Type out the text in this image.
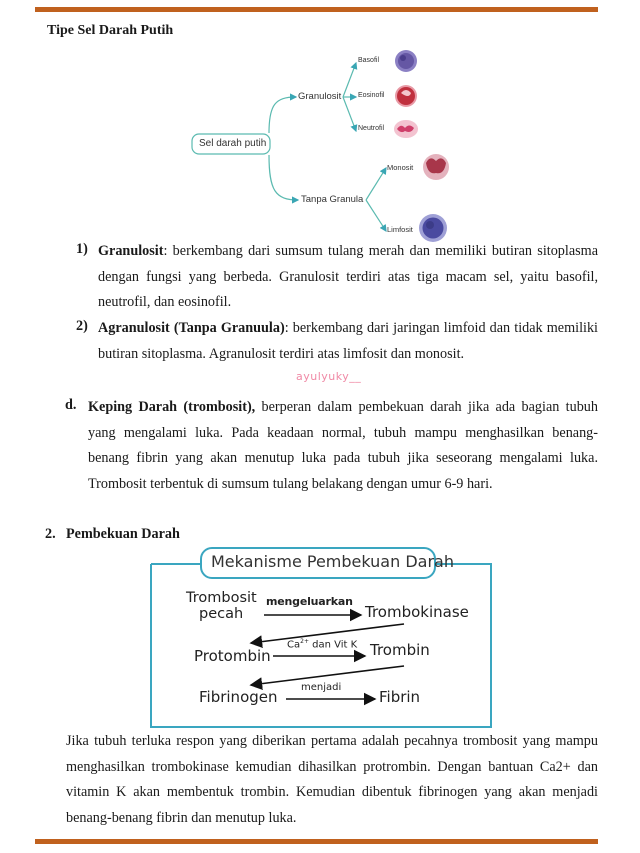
Tipe Sel Darah Putih
Sel darah putih
Granulosit
Tanpa Granula
Basofil
Eosinofil
Neutrofil
Monosit
Limfosit
1) Granulosit: berkembang dari sumsum tulang merah dan memiliki butiran sitoplasma
dengan fungsi yang berbeda. Granulosit terdiri atas tiga macam sel, yaitu basofil,
neutrofil, dan eosinofil.
2) Agranulosit (Tanpa Granuula): berkembang dari jaringan limfoid dan tidak memiliki
butiran sitoplasma. Agranulosit terdiri atas limfosit dan monosit.
ayulyuky__
d. Keping Darah (trombosit), berperan dalam pembekuan darah jika ada bagian tubuh
yang mengalami luka. Pada keadaan normal, tubuh mampu menghasilkan benang-
benang fibrin yang akan menutup luka pada tubuh jika seseorang mengalami luka.
Trombosit terbentuk di sumsum tulang belakang dengan umur 6-9 hari.
2. Pembekuan Darah
Mekanisme Pembekuan Darah
Trombosit
pecah
mengeluarkan
Trombokinase
Protombin
$Ca^{2+}$ dan Vit K Trombin
Fibrinogen
menjadi
Fibrin
Jika tubuh terluka respon yang diberikan pertama adalah pecahnya trombosit yang mampu
menghasilkan trombokinase kemudian dihasilkan protrombin. Dengan bantuan Ca2+ dan
vitamin K akan membentuk trombin. Kemudian dibentuk fibrinogen yang akan menjadi
benang-benang fibrin dan menutup luka.
